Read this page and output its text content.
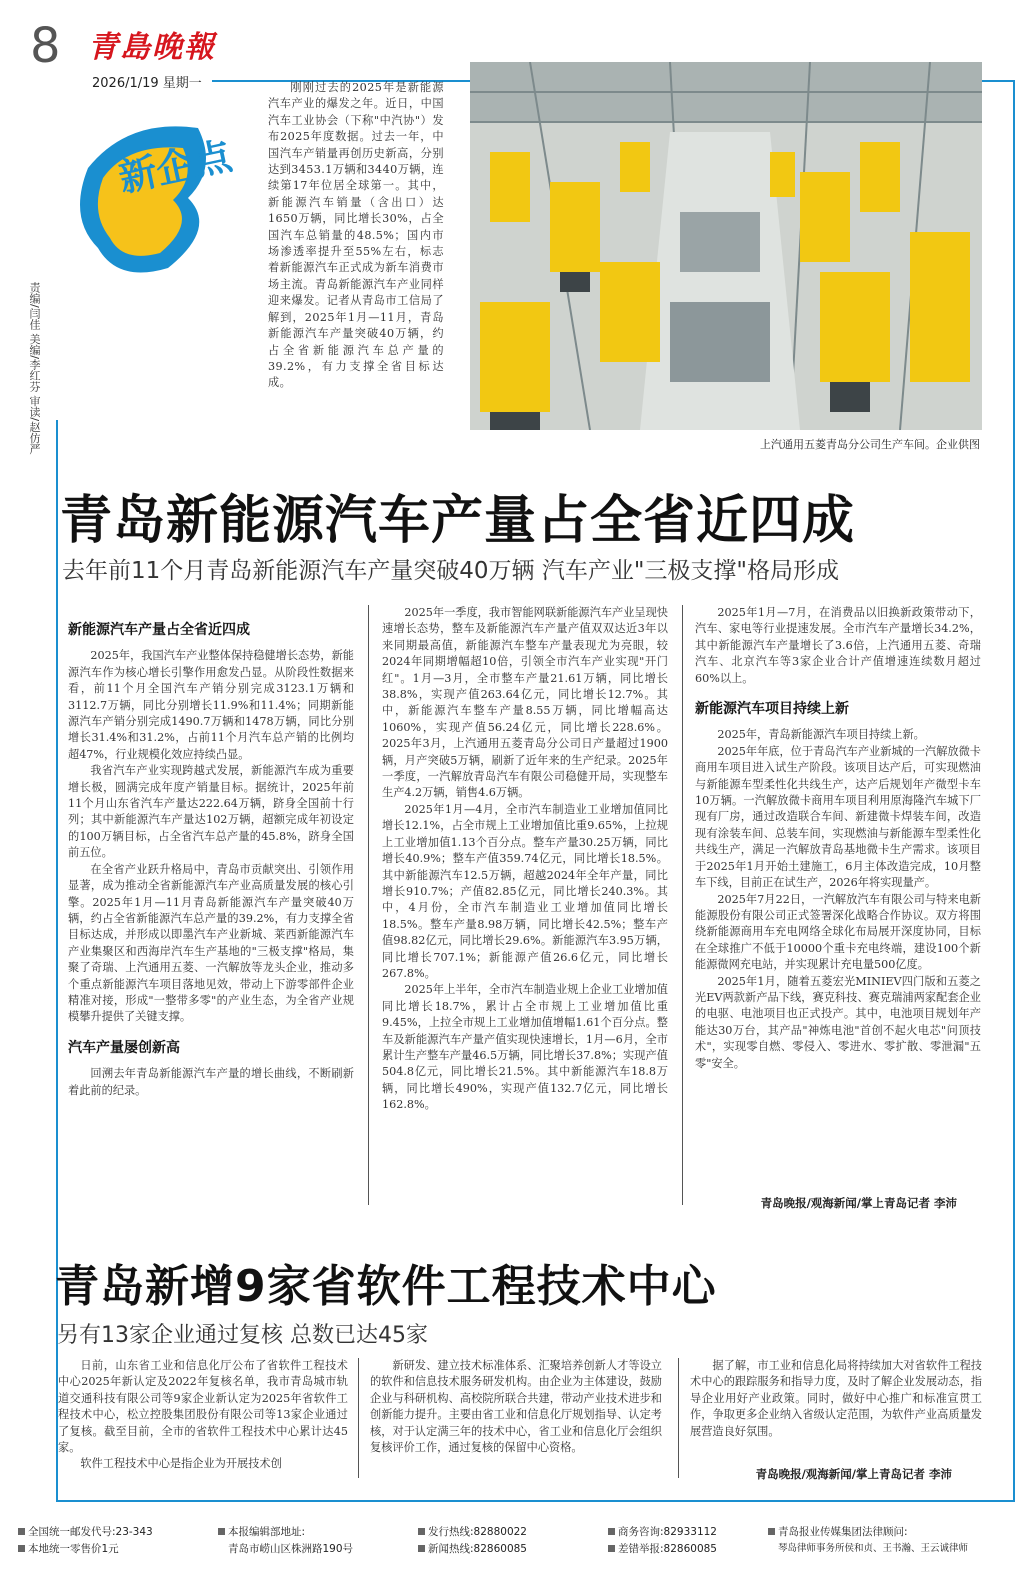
8 青島晚報
2026/1/19 星期一
新企点
责编/闫佳 美编/李红芬 审读/赵仿严
刚刚过去的2025年是新能源汽车产业的爆发之年。近日，中国汽车工业协会（下称"中汽协"）发布2025年度数据。过去一年，中国汽车产销量再创历史新高，分别达到3453.1万辆和3440万辆，连续第17年位居全球第一。其中，新能源汽车销量（含出口）达1650万辆，同比增长30%，占全国汽车总销量的48.5%；国内市场渗透率提升至55%左右，标志着新能源汽车正式成为新车消费市场主流。青岛新能源汽车产业同样迎来爆发。记者从青岛市工信局了解到，2025年1月—11月，青岛新能源汽车产量突破40万辆，约占全省新能源汽车总产量的39.2%，有力支撑全省目标达成。
上汽通用五菱青岛分公司生产车间。企业供图
青岛新能源汽车产量占全省近四成
去年前11个月青岛新能源汽车产量突破40万辆 汽车产业"三极支撑"格局形成
新能源汽车产量占全省近四成

2025年，我国汽车产业整体保持稳健增长态势，新能源汽车作为核心增长引擎作用愈发凸显。从阶段性数据来看，前11个月全国汽车产销分别完成3123.1万辆和3112.7万辆，同比分别增长11.9%和11.4%；同期新能源汽车产销分别完成1490.7万辆和1478万辆，同比分别增长31.4%和31.2%，占前11个月汽车总产销的比例均超47%，行业规模化效应持续凸显。

我省汽车产业实现跨越式发展，新能源汽车成为重要增长极，圆满完成年度产销量目标。据统计，2025年前11个月山东省汽车产量达222.64万辆，跻身全国前十行列；其中新能源汽车产量达102万辆，超额完成年初设定的100万辆目标，占全省汽车总产量的45.8%，跻身全国前五位。

在全省产业跃升格局中，青岛市贡献突出、引领作用显著，成为推动全省新能源汽车产业高质量发展的核心引擎。2025年1月—11月青岛新能源汽车产量突破40万辆，约占全省新能源汽车总产量的39.2%，有力支撑全省目标达成，并形成以即墨汽车产业新城、莱西新能源汽车产业集聚区和西海岸汽车生产基地的"三极支撑"格局，集聚了奇瑞、上汽通用五菱、一汽解放等龙头企业，推动多个重点新能源汽车项目落地见效，带动上下游零部件企业精准对接，形成"一整带多零"的产业生态，为全省产业规模攀升提供了关键支撑。

汽车产量屡创新高

回溯去年青岛新能源汽车产量的增长曲线，不断刷新着此前的纪录。

2025年一季度，我市智能网联新能源汽车产业呈现快速增长态势，整车及新能源汽车产量产值双双达近3年以来同期最高值，新能源汽车整车产量表现尤为亮眼，较2024年同期增幅超10倍，引领全市汽车产业实现"开门红"。1月—3月，全市整车产量21.61万辆，同比增长38.8%，实现产值263.64亿元，同比增长12.7%。其中，新能源汽车整车产量8.55万辆，同比增幅高达1060%，实现产值56.24亿元，同比增长228.6%。2025年3月，上汽通用五菱青岛分公司日产量超过1900辆，月产突破5万辆，刷新了近年来的生产纪录。2025年一季度，一汽解放青岛汽车有限公司稳健开局，实现整车生产4.2万辆，销售4.6万辆。

2025年1月—4月，全市汽车制造业工业增加值同比增长12.1%，占全市规上工业增加值比重9.65%，上拉规上工业增加值1.13个百分点。整车产量30.25万辆，同比增长40.9%；整车产值359.74亿元，同比增长18.5%。其中新能源汽车12.5万辆，超越2024年全年产量，同比增长910.7%；产值82.85亿元，同比增长240.3%。其中，4月份，全市汽车制造业工业增加值同比增长18.5%。整车产量8.98万辆，同比增长42.5%；整车产值98.82亿元，同比增长29.6%。新能源汽车3.95万辆，同比增长707.1%；新能源产值26.6亿元，同比增长267.8%。

2025年上半年，全市汽车制造业规上企业工业增加值同比增长18.7%，累计占全市规上工业增加值比重9.45%，上拉全市规上工业增加值增幅1.61个百分点。整车及新能源汽车产量产值实现快速增长，1月—6月，全市累计生产整车产量46.5万辆，同比增长37.8%；实现产值504.8亿元，同比增长21.5%。其中新能源汽车18.8万辆，同比增长490%，实现产值132.7亿元，同比增长162.8%。

2025年1月—7月，在消费品以旧换新政策带动下，汽车、家电等行业提速发展。全市汽车产量增长34.2%，其中新能源汽车产量增长了3.6倍，上汽通用五菱、奇瑞汽车、北京汽车等3家企业合计产值增速连续数月超过60%以上。

新能源汽车项目持续上新

2025年，青岛新能源汽车项目持续上新。

2025年年底，位于青岛汽车产业新城的一汽解放微卡商用车项目进入试生产阶段。该项目达产后，可实现燃油与新能源车型柔性化共线生产，达产后规划年产微型卡车10万辆。一汽解放微卡商用车项目利用原海隆汽车城下厂现有厂房，通过改造联合车间、新建微卡焊装车间，改造现有涂装车间、总装车间，实现燃油与新能源车型柔性化共线生产，满足一汽解放青岛基地微卡生产需求。该项目于2025年1月开始土建施工，6月主体改造完成，10月整车下线，目前正在试生产，2026年将实现量产。

2025年7月22日，一汽解放汽车有限公司与特来电新能源股份有限公司正式签署深化战略合作协议。双方将围绕新能源商用车充电网络全球化布局展开深度协同，目标在全球推广不低于10000个重卡充电终端，建设100个新能源微网充电站，并实现累计充电量500亿度。

2025年1月，随着五菱宏光MINIEV四门版和五菱之光EV两款新产品下线，赛克科技、赛克瑞浦两家配套企业的电驱、电池项目也正式投产。其中，电池项目规划年产能达30万台，其产品"神炼电池"首创不起火电芯"问顶技术"，实现零自燃、零侵入、零进水、零扩散、零泄漏"五零"安全。

青岛晚报/观海新闻/掌上青岛记者 李沛
青岛新增9家省软件工程技术中心
另有13家企业通过复核 总数已达45家

日前，山东省工业和信息化厅公布了省软件工程技术中心2025年新认定及2022年复核名单，我市青岛城市轨道交通科技有限公司等9家企业新认定为2025年省软件工程技术中心，松立控股集团股份有限公司等13家企业通过了复核。截至目前，全市的省软件工程技术中心累计达45家。

软件工程技术中心是指企业为开展技术创

新研发、建立技术标准体系、汇聚培养创新人才等设立的软件和信息技术服务研发机构。由企业为主体建设，鼓励企业与科研机构、高校院所联合共建，带动产业技术进步和创新能力提升。主要由省工业和信息化厅规划指导、认定考核，对于认定满三年的技术中心，省工业和信息化厅会组织复核评价工作，通过复核的保留中心资格。

据了解，市工业和信息化局将持续加大对省软件工程技术中心的跟踪服务和指导力度，及时了解企业发展动态，指导企业用好产业政策。同时，做好中心推广和标准宣贯工作，争取更多企业纳入省级认定范围，为软件产业高质量发展营造良好氛围。

青岛晚报/观海新闻/掌上青岛记者 李沛
全国统一邮发代号:23-343
本地统一零售价1元
本报编辑部地址:
青岛市崂山区株洲路190号
发行热线:82880022
新闻热线:82860085
商务咨询:82933112
差错举报:82860085
青岛报业传媒集团法律顾问:
琴岛律师事务所侯和贞、王书瀚、王云诚律师
